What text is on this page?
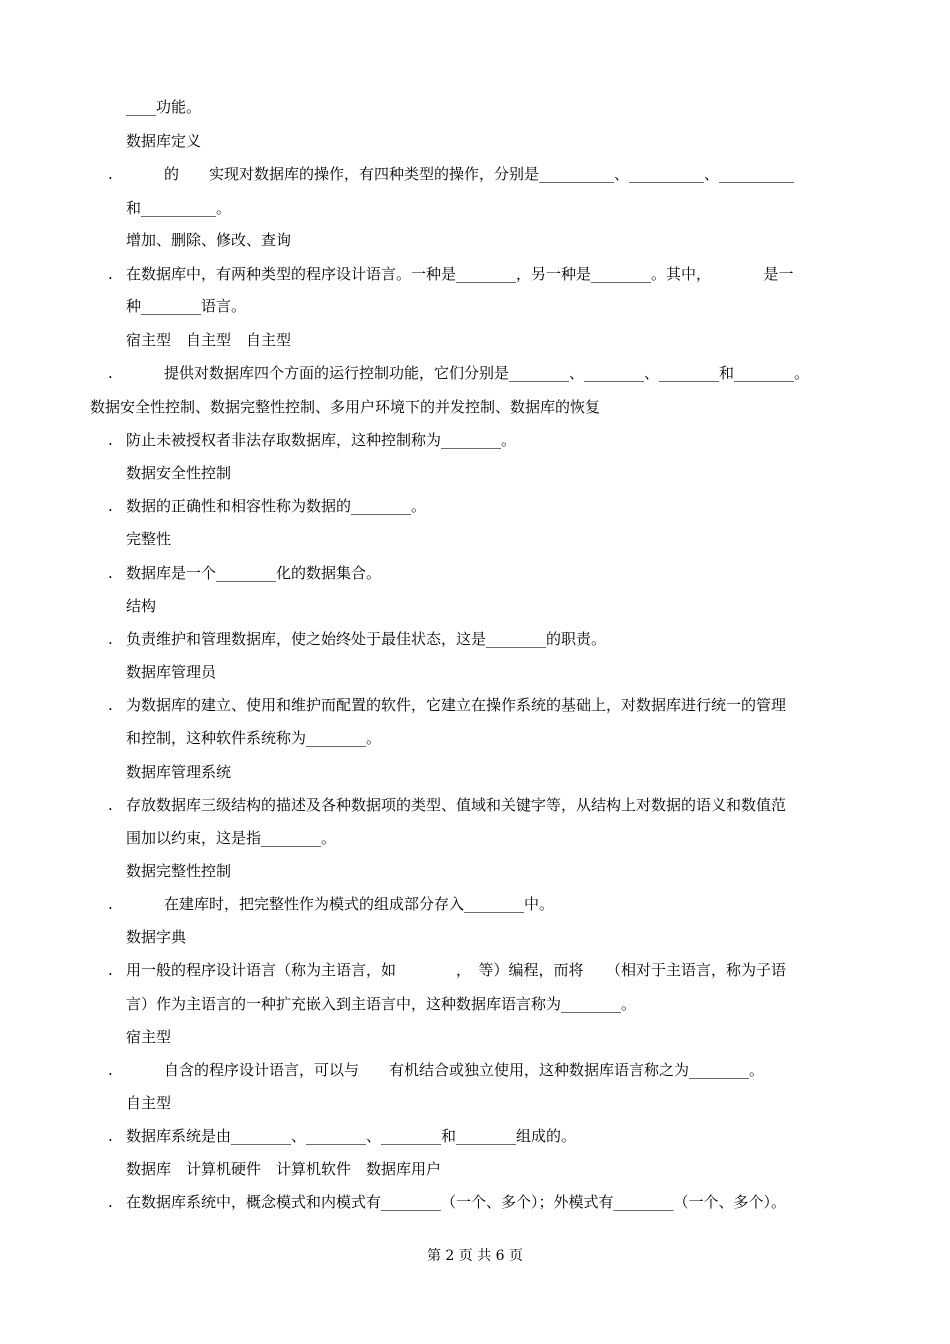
____功能。
数据库定义
.	的　　实现对数据库的操作，有四种类型的操作，分别是__________、__________、__________
和__________。
增加、删除、修改、查询
. 在数据库中，有两种类型的程序设计语言。一种是________，另一种是________。其中，　　　　是一
种________语言。
宿主型　自主型　自主型
.	提供对数据库四个方面的运行控制功能，它们分别是________、________、________和________。
数据安全性控制、数据完整性控制、多用户环境下的并发控制、数据库的恢复
. 防止未被授权者非法存取数据库，这种控制称为________。
数据安全性控制
. 数据的正确性和相容性称为数据的________。
完整性
. 数据库是一个________化的数据集合。
结构
. 负责维护和管理数据库，使之始终处于最佳状态，这是________的职责。
数据库管理员
. 为数据库的建立、使用和维护而配置的软件，它建立在操作系统的基础上，对数据库进行统一的管理
和控制，这种软件系统称为________。
数据库管理系统
. 存放数据库三级结构的描述及各种数据项的类型、值域和关键字等，从结构上对数据的语义和数值范
围加以约束，这是指________。
数据完整性控制
.	在建库时，把完整性作为模式的组成部分存入________中。
数据字典
. 用一般的程序设计语言（称为主语言，如　　　　，　等）编程，而将　　（相对于主语言，称为子语
言）作为主语言的一种扩充嵌入到主语言中，这种数据库语言称为________。
宿主型
.	自含的程序设计语言，可以与　　有机结合或独立使用，这种数据库语言称之为________。
自主型
. 数据库系统是由________、________、________和________组成的。
数据库　计算机硬件　计算机软件　数据库用户
. 在数据库系统中，概念模式和内模式有________（一个、多个）；外模式有________（一个、多个）。
第 2 页 共 6 页
